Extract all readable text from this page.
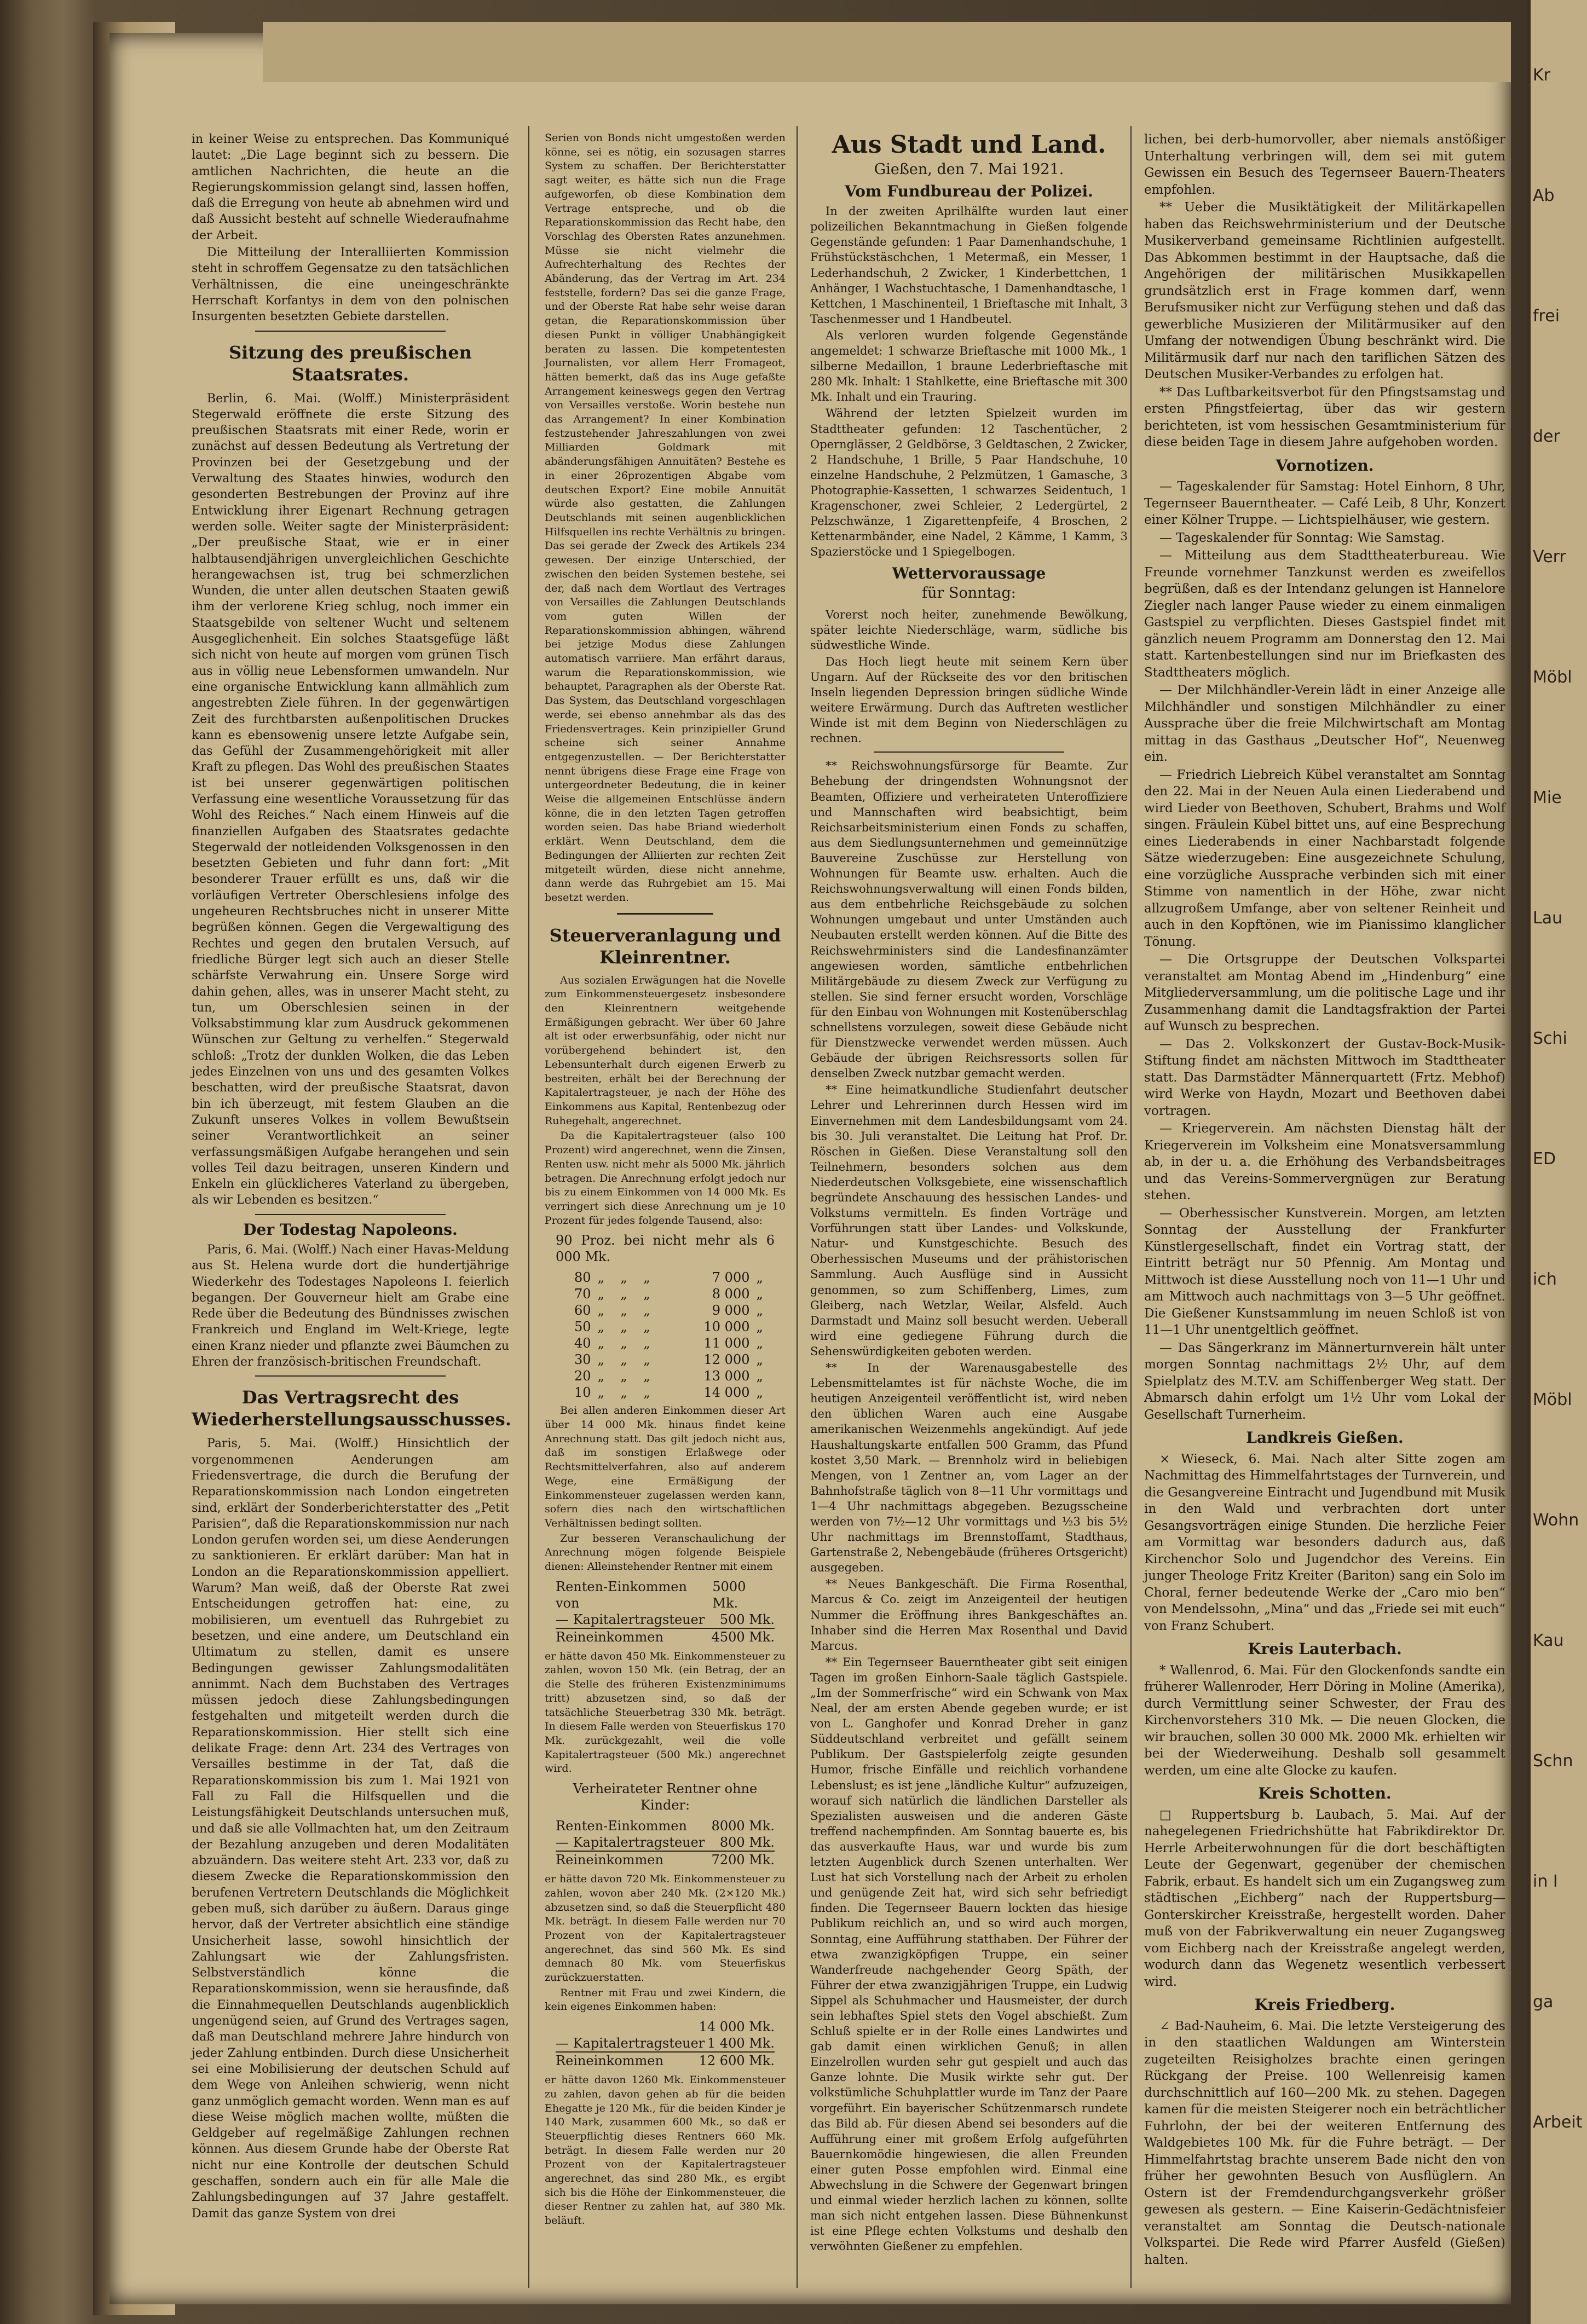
Kr
Ab
frei
der
Verr
Möbl
Mie
Lau
Schi
ED
ich
Möbl
Wohn
Kau
Schn
in I
ga
Arbeit

in keiner Weise zu entsprechen. Das Kommuniqué lautet: „Die Lage beginnt sich zu bessern. Die amtlichen Nachrichten, die heute an die Regierungskommission gelangt sind, lassen hoffen, daß die Erregung von heute ab abnehmen wird und daß Aussicht besteht auf schnelle Wiederaufnahme der Arbeit.

Die Mitteilung der Interalliierten Kommission steht in schroffem Gegensatze zu den tatsächlichen Verhältnissen, die eine uneingeschränkte Herrschaft Korfantys in dem von den polnischen Insurgenten besetzten Gebiete darstellen.

Sitzung des preußischen Staatsrates.

Berlin, 6. Mai. (Wolff.) Ministerpräsident Stegerwald eröffnete die erste Sitzung des preußischen Staatsrats mit einer Rede, worin er zunächst auf dessen Bedeutung als Vertretung der Provinzen bei der Gesetzgebung und der Verwaltung des Staates hinwies, wodurch den gesonderten Bestrebungen der Provinz auf ihre Entwicklung ihrer Eigenart Rechnung getragen werden solle. Weiter sagte der Ministerpräsident: „Der preußische Staat, wie er in einer halbtausendjährigen unvergleichlichen Geschichte herangewachsen ist, trug bei schmerzlichen Wunden, die unter allen deutschen Staaten gewiß ihm der verlorene Krieg schlug, noch immer ein Staatsgebilde von seltener Wucht und seltenem Ausgeglichenheit. Ein solches Staatsgefüge läßt sich nicht von heute auf morgen vom grünen Tisch aus in völlig neue Lebensformen umwandeln. Nur eine organische Entwicklung kann allmählich zum angestrebten Ziele führen. In der gegenwärtigen Zeit des furchtbarsten außenpolitischen Druckes kann es ebensowenig unsere letzte Aufgabe sein, das Gefühl der Zusammengehörigkeit mit aller Kraft zu pflegen. Das Wohl des preußischen Staates ist bei unserer gegenwärtigen politischen Verfassung eine wesentliche Voraussetzung für das Wohl des Reiches.“ Nach einem Hinweis auf die finanziellen Aufgaben des Staatsrates gedachte Stegerwald der notleidenden Volksgenossen in den besetzten Gebieten und fuhr dann fort: „Mit besonderer Trauer erfüllt es uns, daß wir die vorläufigen Vertreter Oberschlesiens infolge des ungeheuren Rechtsbruches nicht in unserer Mitte begrüßen können. Gegen die Vergewaltigung des Rechtes und gegen den brutalen Versuch, auf friedliche Bürger legt sich auch an dieser Stelle schärfste Verwahrung ein. Unsere Sorge wird dahin gehen, alles, was in unserer Macht steht, zu tun, um Oberschlesien seinen in der Volksabstimmung klar zum Ausdruck gekommenen Wünschen zur Geltung zu verhelfen.“ Stegerwald schloß: „Trotz der dunklen Wolken, die das Leben jedes Einzelnen von uns und des gesamten Volkes beschatten, wird der preußische Staatsrat, davon bin ich überzeugt, mit festem Glauben an die Zukunft unseres Volkes in vollem Bewußtsein seiner Verantwortlichkeit an seiner verfassungsmäßigen Aufgabe herangehen und sein volles Teil dazu beitragen, unseren Kindern und Enkeln ein glücklicheres Vaterland zu übergeben, als wir Lebenden es besitzen.“

Der Todestag Napoleons.

Paris, 6. Mai. (Wolff.) Nach einer Havas-Meldung aus St. Helena wurde dort die hundertjährige Wiederkehr des Todestages Napoleons I. feierlich begangen. Der Gouverneur hielt am Grabe eine Rede über die Bedeutung des Bündnisses zwischen Frankreich und England im Welt-Kriege, legte einen Kranz nieder und pflanzte zwei Bäumchen zu Ehren der französisch-britischen Freundschaft.

Das Vertragsrecht des Wiederherstellungsausschusses.

Paris, 5. Mai. (Wolff.) Hinsichtlich der vorgenommenen Aenderungen am Friedensvertrage, die durch die Berufung der Reparationskommission nach London eingetreten sind, erklärt der Sonderberichterstatter des „Petit Parisien“, daß die Reparationskommission nur nach London gerufen worden sei, um diese Aenderungen zu sanktionieren. Er erklärt darüber: Man hat in London an die Reparationskommission appelliert. Warum? Man weiß, daß der Oberste Rat zwei Entscheidungen getroffen hat: eine, zu mobilisieren, um eventuell das Ruhrgebiet zu besetzen, und eine andere, um Deutschland ein Ultimatum zu stellen, damit es unsere Bedingungen gewisser Zahlungsmodalitäten annimmt. Nach dem Buchstaben des Vertrages müssen jedoch diese Zahlungsbedingungen festgehalten und mitgeteilt werden durch die Reparationskommission. Hier stellt sich eine delikate Frage: denn Art. 234 des Vertrages von Versailles bestimme in der Tat, daß die Reparationskommission bis zum 1. Mai 1921 von Fall zu Fall die Hilfsquellen und die Leistungsfähigkeit Deutschlands untersuchen muß, und daß sie alle Vollmachten hat, um den Zeitraum der Bezahlung anzugeben und deren Modalitäten abzuändern. Das weitere steht Art. 233 vor, daß zu diesem Zwecke die Reparationskommission den berufenen Vertretern Deutschlands die Möglichkeit geben muß, sich darüber zu äußern. Daraus ginge hervor, daß der Vertreter absichtlich eine ständige Unsicherheit lasse, sowohl hinsichtlich der Zahlungsart wie der Zahlungsfristen. Selbstverständlich könne die Reparationskommission, wenn sie herausfinde, daß die Einnahmequellen Deutschlands augenblicklich ungenügend seien, auf Grund des Vertrages sagen, daß man Deutschland mehrere Jahre hindurch von jeder Zahlung entbinden. Durch diese Unsicherheit sei eine Mobilisierung der deutschen Schuld auf dem Wege von Anleihen schwierig, wenn nicht ganz unmöglich gemacht worden. Wenn man es auf diese Weise möglich machen wollte, müßten die Geldgeber auf regelmäßige Zahlungen rechnen können. Aus diesem Grunde habe der Oberste Rat nicht nur eine Kontrolle der deutschen Schuld geschaffen, sondern auch ein für alle Male die Zahlungsbedingungen auf 37 Jahre gestaffelt. Damit das ganze System von drei

Serien von Bonds nicht umgestoßen werden könne, sei es nötig, ein sozusagen starres System zu schaffen. Der Berichterstatter sagt weiter, es hätte sich nun die Frage aufgeworfen, ob diese Kombination dem Vertrage entspreche, und ob die Reparationskommission das Recht habe, den Vorschlag des Obersten Rates anzunehmen. Müsse sie nicht vielmehr die Aufrechterhaltung des Rechtes der Abänderung, das der Vertrag im Art. 234 feststelle, fordern? Das sei die ganze Frage, und der Oberste Rat habe sehr weise daran getan, die Reparationskommission über diesen Punkt in völliger Unabhängigkeit beraten zu lassen. Die kompetentesten Journalisten, vor allem Herr Fromageot, hätten bemerkt, daß das ins Auge gefaßte Arrangement keineswegs gegen den Vertrag von Versailles verstoße. Worin bestehe nun das Arrangement? In einer Kombination festzustehender Jahreszahlungen von zwei Milliarden Goldmark mit abänderungsfähigen Annuitäten? Bestehe es in einer 26prozentigen Abgabe vom deutschen Export? Eine mobile Annuität würde also gestatten, die Zahlungen Deutschlands mit seinen augenblicklichen Hilfsquellen ins rechte Verhältnis zu bringen. Das sei gerade der Zweck des Artikels 234 gewesen. Der einzige Unterschied, der zwischen den beiden Systemen bestehe, sei der, daß nach dem Wortlaut des Vertrages von Versailles die Zahlungen Deutschlands vom guten Willen der Reparationskommission abhingen, während bei jetzige Modus diese Zahlungen automatisch varriiere. Man erfährt daraus, warum die Reparationskommission, wie behauptet, Paragraphen als der Oberste Rat. Das System, das Deutschland vorgeschlagen werde, sei ebenso annehmbar als das des Friedensvertrages. Kein prinzipieller Grund scheine sich seiner Annahme entgegenzustellen. — Der Berichterstatter nennt übrigens diese Frage eine Frage von untergeordneter Bedeutung, die in keiner Weise die allgemeinen Entschlüsse ändern könne, die in den letzten Tagen getroffen worden seien. Das habe Briand wiederholt erklärt. Wenn Deutschland, dem die Bedingungen der Alliierten zur rechten Zeit mitgeteilt würden, diese nicht annehme, dann werde das Ruhrgebiet am 15. Mai besetzt werden.

Steuerveranlagung und Kleinrentner.

Aus sozialen Erwägungen hat die Novelle zum Einkommensteuergesetz insbesondere den Kleinrentnern weitgehende Ermäßigungen gebracht. Wer über 60 Jahre alt ist oder erwerbsunfähig, oder nicht nur vorübergehend behindert ist, den Lebensunterhalt durch eigenen Erwerb zu bestreiten, erhält bei der Berechnung der Kapitalertragsteuer, je nach der Höhe des Einkommens aus Kapital, Rentenbezug oder Ruhegehalt, angerechnet.

Da die Kapitalertragsteuer (also 100 Prozent) wird angerechnet, wenn die Zinsen, Renten usw. nicht mehr als 5000 Mk. jährlich betragen. Die Anrechnung erfolgt jedoch nur bis zu einem Einkommen von 14 000 Mk. Es verringert sich diese Anrechnung um je 10 Prozent für jedes folgende Tausend, also:

90 Proz. bei nicht mehr als 6 000 Mk.
80	„	„	„	7 000	„
70	„	„	„	8 000	„
60	„	„	„	9 000	„
50	„	„	„	10 000	„
40	„	„	„	11 000	„
30	„	„	„	12 000	„
20	„	„	„	13 000	„
10	„	„	„	14 000	„

Bei allen anderen Einkommen dieser Art über 14 000 Mk. hinaus findet keine Anrechnung statt. Das gilt jedoch nicht aus, daß im sonstigen Erlaßwege oder Rechtsmittelverfahren, also auf anderem Wege, eine Ermäßigung der Einkommensteuer zugelassen werden kann, sofern dies nach den wirtschaftlichen Verhältnissen bedingt sollten.

Zur besseren Veranschaulichung der Anrechnung mögen folgende Beispiele dienen: Alleinstehender Rentner mit einem

Renten-Einkommen von
5000 Mk.
— Kapitalertragsteuer 500 Mk.
Reineinkommen	4500 Mk.

er hätte davon 450 Mk. Einkommensteuer zu zahlen, wovon 150 Mk. (ein Betrag, der an die Stelle des früheren Existenzminimums tritt) abzusetzen sind, so daß der tatsächliche Steuerbetrag 330 Mk. beträgt. In diesem Falle werden von Steuerfiskus 170 Mk. zurückgezahlt, weil die volle Kapitalertragsteuer (500 Mk.) angerechnet wird.

Verheirateter Rentner ohne Kinder:
Renten-Einkommen 8000 Mk.
— Kapitalertragsteuer 800 Mk.
Reineinkommen	7200 Mk.

er hätte davon 720 Mk. Einkommensteuer zu zahlen, wovon aber 240 Mk. (2×120 Mk.) abzusetzen sind, so daß die Steuerpflicht 480 Mk. beträgt. In diesem Falle werden nur 70 Prozent von der Kapitalertragsteuer angerechnet, das sind 560 Mk. Es sind demnach 80 Mk. vom Steuerfiskus zurückzuerstatten.

Rentner mit Frau und zwei Kindern, die kein eigenes Einkommen haben:

14 000 Mk.
— Kapitalertragsteuer 1 400 Mk.
Reineinkommen	12 600 Mk.

er hätte davon 1260 Mk. Einkommensteuer zu zahlen, davon gehen ab für die beiden Ehegatte je 120 Mk., für die beiden Kinder je 140 Mark, zusammen 600 Mk., so daß er Steuerpflichtig dieses Rentners 660 Mk. beträgt. In diesem Falle werden nur 20 Prozent von der Kapitalertragsteuer angerechnet, das sind 280 Mk., es ergibt sich bis die Höhe der Einkommensteuer, die dieser Rentner zu zahlen hat, auf 380 Mk. beläuft.

Aus Stadt und Land.
Gießen, den 7. Mai 1921.
Vom Fundbureau der Polizei.

In der zweiten Aprilhälfte wurden laut einer polizeilichen Bekanntmachung in Gießen folgende Gegenstände gefunden: 1 Paar Damenhandschuhe, 1 Frühstückstäschchen, 1 Metermaß, ein Messer, 1 Lederhandschuh, 2 Zwicker, 1 Kinderbettchen, 1 Anhänger, 1 Wachstuchtasche, 1 Damenhandtasche, 1 Kettchen, 1 Maschinenteil, 1 Brieftasche mit Inhalt, 3 Taschenmesser und 1 Handbeutel.

Als verloren wurden folgende Gegenstände angemeldet: 1 schwarze Brieftasche mit 1000 Mk., 1 silberne Medaillon, 1 braune Lederbrieftasche mit 280 Mk. Inhalt: 1 Stahlkette, eine Brieftasche mit 300 Mk. Inhalt und ein Trauring.

Während der letzten Spielzeit wurden im Stadttheater gefunden: 12 Taschentücher, 2 Opernglässer, 2 Geldbörse, 3 Geldtaschen, 2 Zwicker, 2 Handschuhe, 1 Brille, 5 Paar Handschuhe, 10 einzelne Handschuhe, 2 Pelzmützen, 1 Gamasche, 3 Photographie-Kassetten, 1 schwarzes Seidentuch, 1 Kragenschoner, zwei Schleier, 2 Ledergürtel, 2 Pelzschwänze, 1 Zigarettenpfeife, 4 Broschen, 2 Kettenarmbänder, eine Nadel, 2 Kämme, 1 Kamm, 3 Spazierstöcke und 1 Spiegelbogen.

Wettervoraussage
für Sonntag:

Vorerst noch heiter, zunehmende Bewölkung, später leichte Niederschläge, warm, südliche bis südwestliche Winde.

Das Hoch liegt heute mit seinem Kern über Ungarn. Auf der Rückseite des vor den britischen Inseln liegenden Depression bringen südliche Winde weitere Erwärmung. Durch das Auftreten westlicher Winde ist mit dem Beginn von Niederschlägen zu rechnen.

** Reichswohnungsfürsorge für Beamte. Zur Behebung der dringendsten Wohnungsnot der Beamten, Offiziere und verheirateten Unteroffiziere und Mannschaften wird beabsichtigt, beim Reichsarbeitsministerium einen Fonds zu schaffen, aus dem Siedlungsunternehmen und gemeinnützige Bauvereine Zuschüsse zur Herstellung von Wohnungen für Beamte usw. erhalten. Auch die Reichswohnungsverwaltung will einen Fonds bilden, aus dem entbehrliche Reichsgebäude zu solchen Wohnungen umgebaut und unter Umständen auch Neubauten erstellt werden können. Auf die Bitte des Reichswehrministers sind die Landesfinanzämter angewiesen worden, sämtliche entbehrlichen Militärgebäude zu diesem Zweck zur Verfügung zu stellen. Sie sind ferner ersucht worden, Vorschläge für den Einbau von Wohnungen mit Kostenüberschlag schnellstens vorzulegen, soweit diese Gebäude nicht für Dienstzwecke verwendet werden müssen. Auch Gebäude der übrigen Reichsressorts sollen für denselben Zweck nutzbar gemacht werden.

** Eine heimatkundliche Studienfahrt deutscher Lehrer und Lehrerinnen durch Hessen wird im Einvernehmen mit dem Landesbildungsamt vom 24. bis 30. Juli veranstaltet. Die Leitung hat Prof. Dr. Röschen in Gießen. Diese Veranstaltung soll den Teilnehmern, besonders solchen aus dem Niederdeutschen Volksgebiete, eine wissenschaftlich begründete Anschauung des hessischen Landes- und Volkstums vermitteln. Es finden Vorträge und Vorführungen statt über Landes- und Volkskunde, Natur- und Kunstgeschichte. Besuch des Oberhessischen Museums und der prähistorischen Sammlung. Auch Ausflüge sind in Aussicht genommen, so zum Schiffenberg, Limes, zum Gleiberg, nach Wetzlar, Weilar, Alsfeld. Auch Darmstadt und Mainz soll besucht werden. Ueberall wird eine gediegene Führung durch die Sehenswürdigkeiten geboten werden.

** In der Warenausgabestelle des Lebensmittelamtes ist für nächste Woche, die im heutigen Anzeigenteil veröffentlicht ist, wird neben den üblichen Waren auch eine Ausgabe amerikanischen Weizenmehls angekündigt. Auf jede Haushaltungskarte entfallen 500 Gramm, das Pfund kostet 3,50 Mark. — Brennholz wird in beliebigen Mengen, von 1 Zentner an, vom Lager an der Bahnhofstraße täglich von 8—11 Uhr vormittags und 1—4 Uhr nachmittags abgegeben. Bezugsscheine werden von 7½—12 Uhr vormittags und ½3 bis 5½ Uhr nachmittags im Brennstoffamt, Stadthaus, Gartenstraße 2, Nebengebäude (früheres Ortsgericht) ausgegeben.

** Neues Bankgeschäft. Die Firma Rosenthal, Marcus & Co. zeigt im Anzeigenteil der heutigen Nummer die Eröffnung ihres Bankgeschäftes an. Inhaber sind die Herren Max Rosenthal und David Marcus.

** Ein Tegernseer Bauerntheater gibt seit einigen Tagen im großen Einhorn-Saale täglich Gastspiele. „Im der Sommerfrische“ wird ein Schwank von Max Neal, der am ersten Abende gegeben wurde; er ist von L. Ganghofer und Konrad Dreher in ganz Süddeutschland verbreitet und gefällt seinem Publikum. Der Gastspielerfolg zeigte gesunden Humor, frische Einfälle und reichlich vorhandene Lebenslust; es ist jene „ländliche Kultur“ aufzuzeigen, worauf sich natürlich die ländlichen Darsteller als Spezialisten ausweisen und die anderen Gäste treffend nachempfinden. Am Sonntag bauerte es, bis das ausverkaufte Haus, war und wurde bis zum letzten Augenblick durch Szenen unterhalten. Wer Lust hat sich Vorstellung nach der Arbeit zu erholen und genügende Zeit hat, wird sich sehr befriedigt finden. Die Tegernseer Bauern lockten das hiesige Publikum reichlich an, und so wird auch morgen, Sonntag, eine Aufführung statthaben. Der Führer der etwa zwanzigköpfigen Truppe, ein seiner Wanderfreude nachgehender Georg Späth, der Führer der etwa zwanzigjährigen Truppe, ein Ludwig Sippel als Schuhmacher und Hausmeister, der durch sein lebhaftes Spiel stets den Vogel abschießt. Zum Schluß spielte er in der Rolle eines Landwirtes und gab damit einen wirklichen Genuß; in allen Einzelrollen wurden sehr gut gespielt und auch das Ganze lohnte. Die Musik wirkte sehr gut. Der volkstümliche Schuhplattler wurde im Tanz der Paare vorgeführt. Ein bayerischer Schützenmarsch rundete das Bild ab. Für diesen Abend sei besonders auf die Aufführung einer mit großem Erfolg aufgeführten Bauernkomödie hingewiesen, die allen Freunden einer guten Posse empfohlen wird. Einmal eine Abwechslung in die Schwere der Gegenwart bringen und einmal wieder herzlich lachen zu können, sollte man sich nicht entgehen lassen. Diese Bühnenkunst ist eine Pflege echten Volkstums und deshalb den verwöhnten Gießener zu empfehlen.

lichen, bei derb-humorvoller, aber niemals anstößiger Unterhaltung verbringen will, dem sei mit gutem Gewissen ein Besuch des Tegernseer Bauern-Theaters empfohlen.

** Ueber die Musiktätigkeit der Militärkapellen haben das Reichswehrministerium und der Deutsche Musikerverband gemeinsame Richtlinien aufgestellt. Das Abkommen bestimmt in der Hauptsache, daß die Angehörigen der militärischen Musikkapellen grundsätzlich erst in Frage kommen darf, wenn Berufsmusiker nicht zur Verfügung stehen und daß das gewerbliche Musizieren der Militärmusiker auf den Umfang der notwendigen Übung beschränkt wird. Die Militärmusik darf nur nach den tariflichen Sätzen des Deutschen Musiker-Verbandes zu erfolgen hat.

** Das Luftbarkeitsverbot für den Pfingstsamstag und ersten Pfingstfeiertag, über das wir gestern berichteten, ist vom hessischen Gesamtministerium für diese beiden Tage in diesem Jahre aufgehoben worden.

Vornotizen.

— Tageskalender für Samstag: Hotel Einhorn, 8 Uhr, Tegernseer Bauerntheater. — Café Leib, 8 Uhr, Konzert einer Kölner Truppe. — Lichtspielhäuser, wie gestern.

— Tageskalender für Sonntag: Wie Samstag.

— Mitteilung aus dem Stadttheaterbureau. Wie Freunde vornehmer Tanzkunst werden es zweifellos begrüßen, daß es der Intendanz gelungen ist Hannelore Ziegler nach langer Pause wieder zu einem einmaligen Gastspiel zu verpflichten. Dieses Gastspiel findet mit gänzlich neuem Programm am Donnerstag den 12. Mai statt. Kartenbestellungen sind nur im Briefkasten des Stadttheaters möglich.

— Der Milchhändler-Verein lädt in einer Anzeige alle Milchhändler und sonstigen Milchhändler zu einer Aussprache über die freie Milchwirtschaft am Montag mittag in das Gasthaus „Deutscher Hof“, Neuenweg ein.

— Friedrich Liebreich Kübel veranstaltet am Sonntag den 22. Mai in der Neuen Aula einen Liederabend und wird Lieder von Beethoven, Schubert, Brahms und Wolf singen. Fräulein Kübel bittet uns, auf eine Besprechung eines Liederabends in einer Nachbarstadt folgende Sätze wiederzugeben: Eine ausgezeichnete Schulung, eine vorzügliche Aussprache verbinden sich mit einer Stimme von namentlich in der Höhe, zwar nicht allzugroßem Umfange, aber von seltener Reinheit und auch in den Kopftönen, wie im Pianissimo klanglicher Tönung.

— Die Ortsgruppe der Deutschen Volkspartei veranstaltet am Montag Abend im „Hindenburg“ eine Mitgliederversammlung, um die politische Lage und ihr Zusammenhang damit die Landtagsfraktion der Partei auf Wunsch zu besprechen.

— Das 2. Volkskonzert der Gustav-Bock-Musik-Stiftung findet am nächsten Mittwoch im Stadttheater statt. Das Darmstädter Männerquartett (Frtz. Mebhof) wird Werke von Haydn, Mozart und Beethoven dabei vortragen.

— Kriegerverein. Am nächsten Dienstag hält der Kriegerverein im Volksheim eine Monatsversammlung ab, in der u. a. die Erhöhung des Verbandsbeitrages und das Vereins-Sommervergnügen zur Beratung stehen.

— Oberhessischer Kunstverein. Morgen, am letzten Sonntag der Ausstellung der Frankfurter Künstlergesellschaft, findet ein Vortrag statt, der Eintritt beträgt nur 50 Pfennig. Am Montag und Mittwoch ist diese Ausstellung noch von 11—1 Uhr und am Mittwoch auch nachmittags von 3—5 Uhr geöffnet. Die Gießener Kunstsammlung im neuen Schloß ist von 11—1 Uhr unentgeltlich geöffnet.

— Das Sängerkranz im Männerturnverein hält unter morgen Sonntag nachmittags 2½ Uhr, auf dem Spielplatz des M.T.V. am Schiffenberger Weg statt. Der Abmarsch dahin erfolgt um 1½ Uhr vom Lokal der Gesellschaft Turnerheim.

Landkreis Gießen.

× Wieseck, 6. Mai. Nach alter Sitte zogen am Nachmittag des Himmelfahrtstages der Turnverein, und die Gesangvereine Eintracht und Jugendbund mit Musik in den Wald und verbrachten dort unter Gesangsvorträgen einige Stunden. Die herzliche Feier am Vormittag war besonders dadurch aus, daß Kirchenchor Solo und Jugendchor des Vereins. Ein junger Theologe Fritz Kreiter (Bariton) sang ein Solo im Choral, ferner bedeutende Werke der „Caro mio ben“ von Mendelssohn, „Mina“ und das „Friede sei mit euch“ von Franz Schubert.

Kreis Lauterbach.

* Wallenrod, 6. Mai. Für den Glockenfonds sandte ein früherer Wallenroder, Herr Döring in Moline (Amerika), durch Vermittlung seiner Schwester, der Frau des Kirchenvorstehers 310 Mk. — Die neuen Glocken, die wir brauchen, sollen 30 000 Mk. 2000 Mk. erhielten wir bei der Wiederweihung. Deshalb soll gesammelt werden, um eine alte Glocke zu kaufen.

Kreis Schotten.

□ Ruppertsburg b. Laubach, 5. Mai. Auf der nahegelegenen Friedrichshütte hat Fabrikdirektor Dr. Herrle Arbeiterwohnungen für die dort beschäftigten Leute der Gegenwart, gegenüber der chemischen Fabrik, erbaut. Es handelt sich um ein Zugangsweg zum städtischen „Eichberg“ nach der Ruppertsburg—Gonterskircher Kreisstraße, hergestellt worden. Daher muß von der Fabrikverwaltung ein neuer Zugangsweg vom Eichberg nach der Kreisstraße angelegt werden, wodurch dann das Wegenetz wesentlich verbessert wird.

Kreis Friedberg.

∠ Bad-Nauheim, 6. Mai. Die letzte Versteigerung des in den staatlichen Waldungen am Winterstein zugeteilten Reisigholzes brachte einen geringen Rückgang der Preise. 100 Wellenreisig kamen durchschnittlich auf 160—200 Mk. zu stehen. Dagegen kamen für die meisten Steigerer noch ein beträchtlicher Fuhrlohn, der bei der weiteren Entfernung des Waldgebietes 100 Mk. für die Fuhre beträgt. — Der Himmelfahrtstag brachte unserem Bade nicht den von früher her gewohnten Besuch von Ausflüglern. An Ostern ist der Fremdendurchgangsverkehr größer gewesen als gestern. — Eine Kaiserin-Gedächtnisfeier veranstaltet am Sonntag die Deutsch-nationale Volkspartei. Die Rede wird Pfarrer Ausfeld (Gießen) halten.
